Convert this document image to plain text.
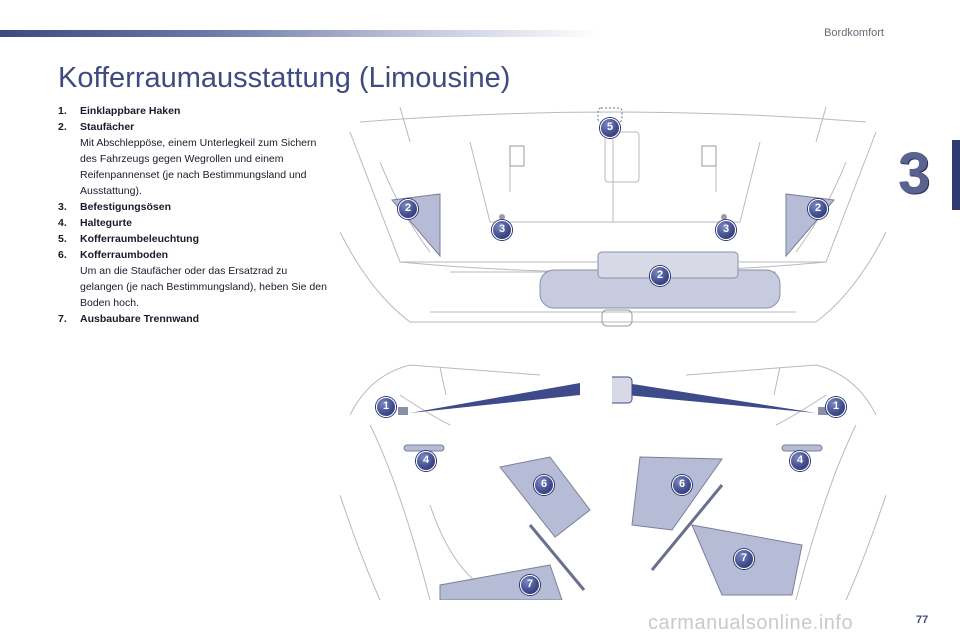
Bordkomfort
3
Kofferraumausstattung (Limousine)
1.	Einklappbare Haken
2.	Staufächer
Mit Abschleppöse, einem Unterlegkeil zum Sichern des Fahrzeugs gegen Wegrollen und einem Reifenpannenset (je nach Bestimmungsland und Ausstattung).
3.	Befestigungsösen
4.	Haltegurte
5.	Kofferraumbeleuchtung
6.	Kofferraumboden
Um an die Staufächer oder das Ersatzrad zu gelangen (je nach Bestimmungsland), heben Sie den Boden hoch.
7.	Ausbaubare Trennwand
5
2	2
3	3
2
1
4
6
7
1
4
6
7
carmanualsonline.info	77
